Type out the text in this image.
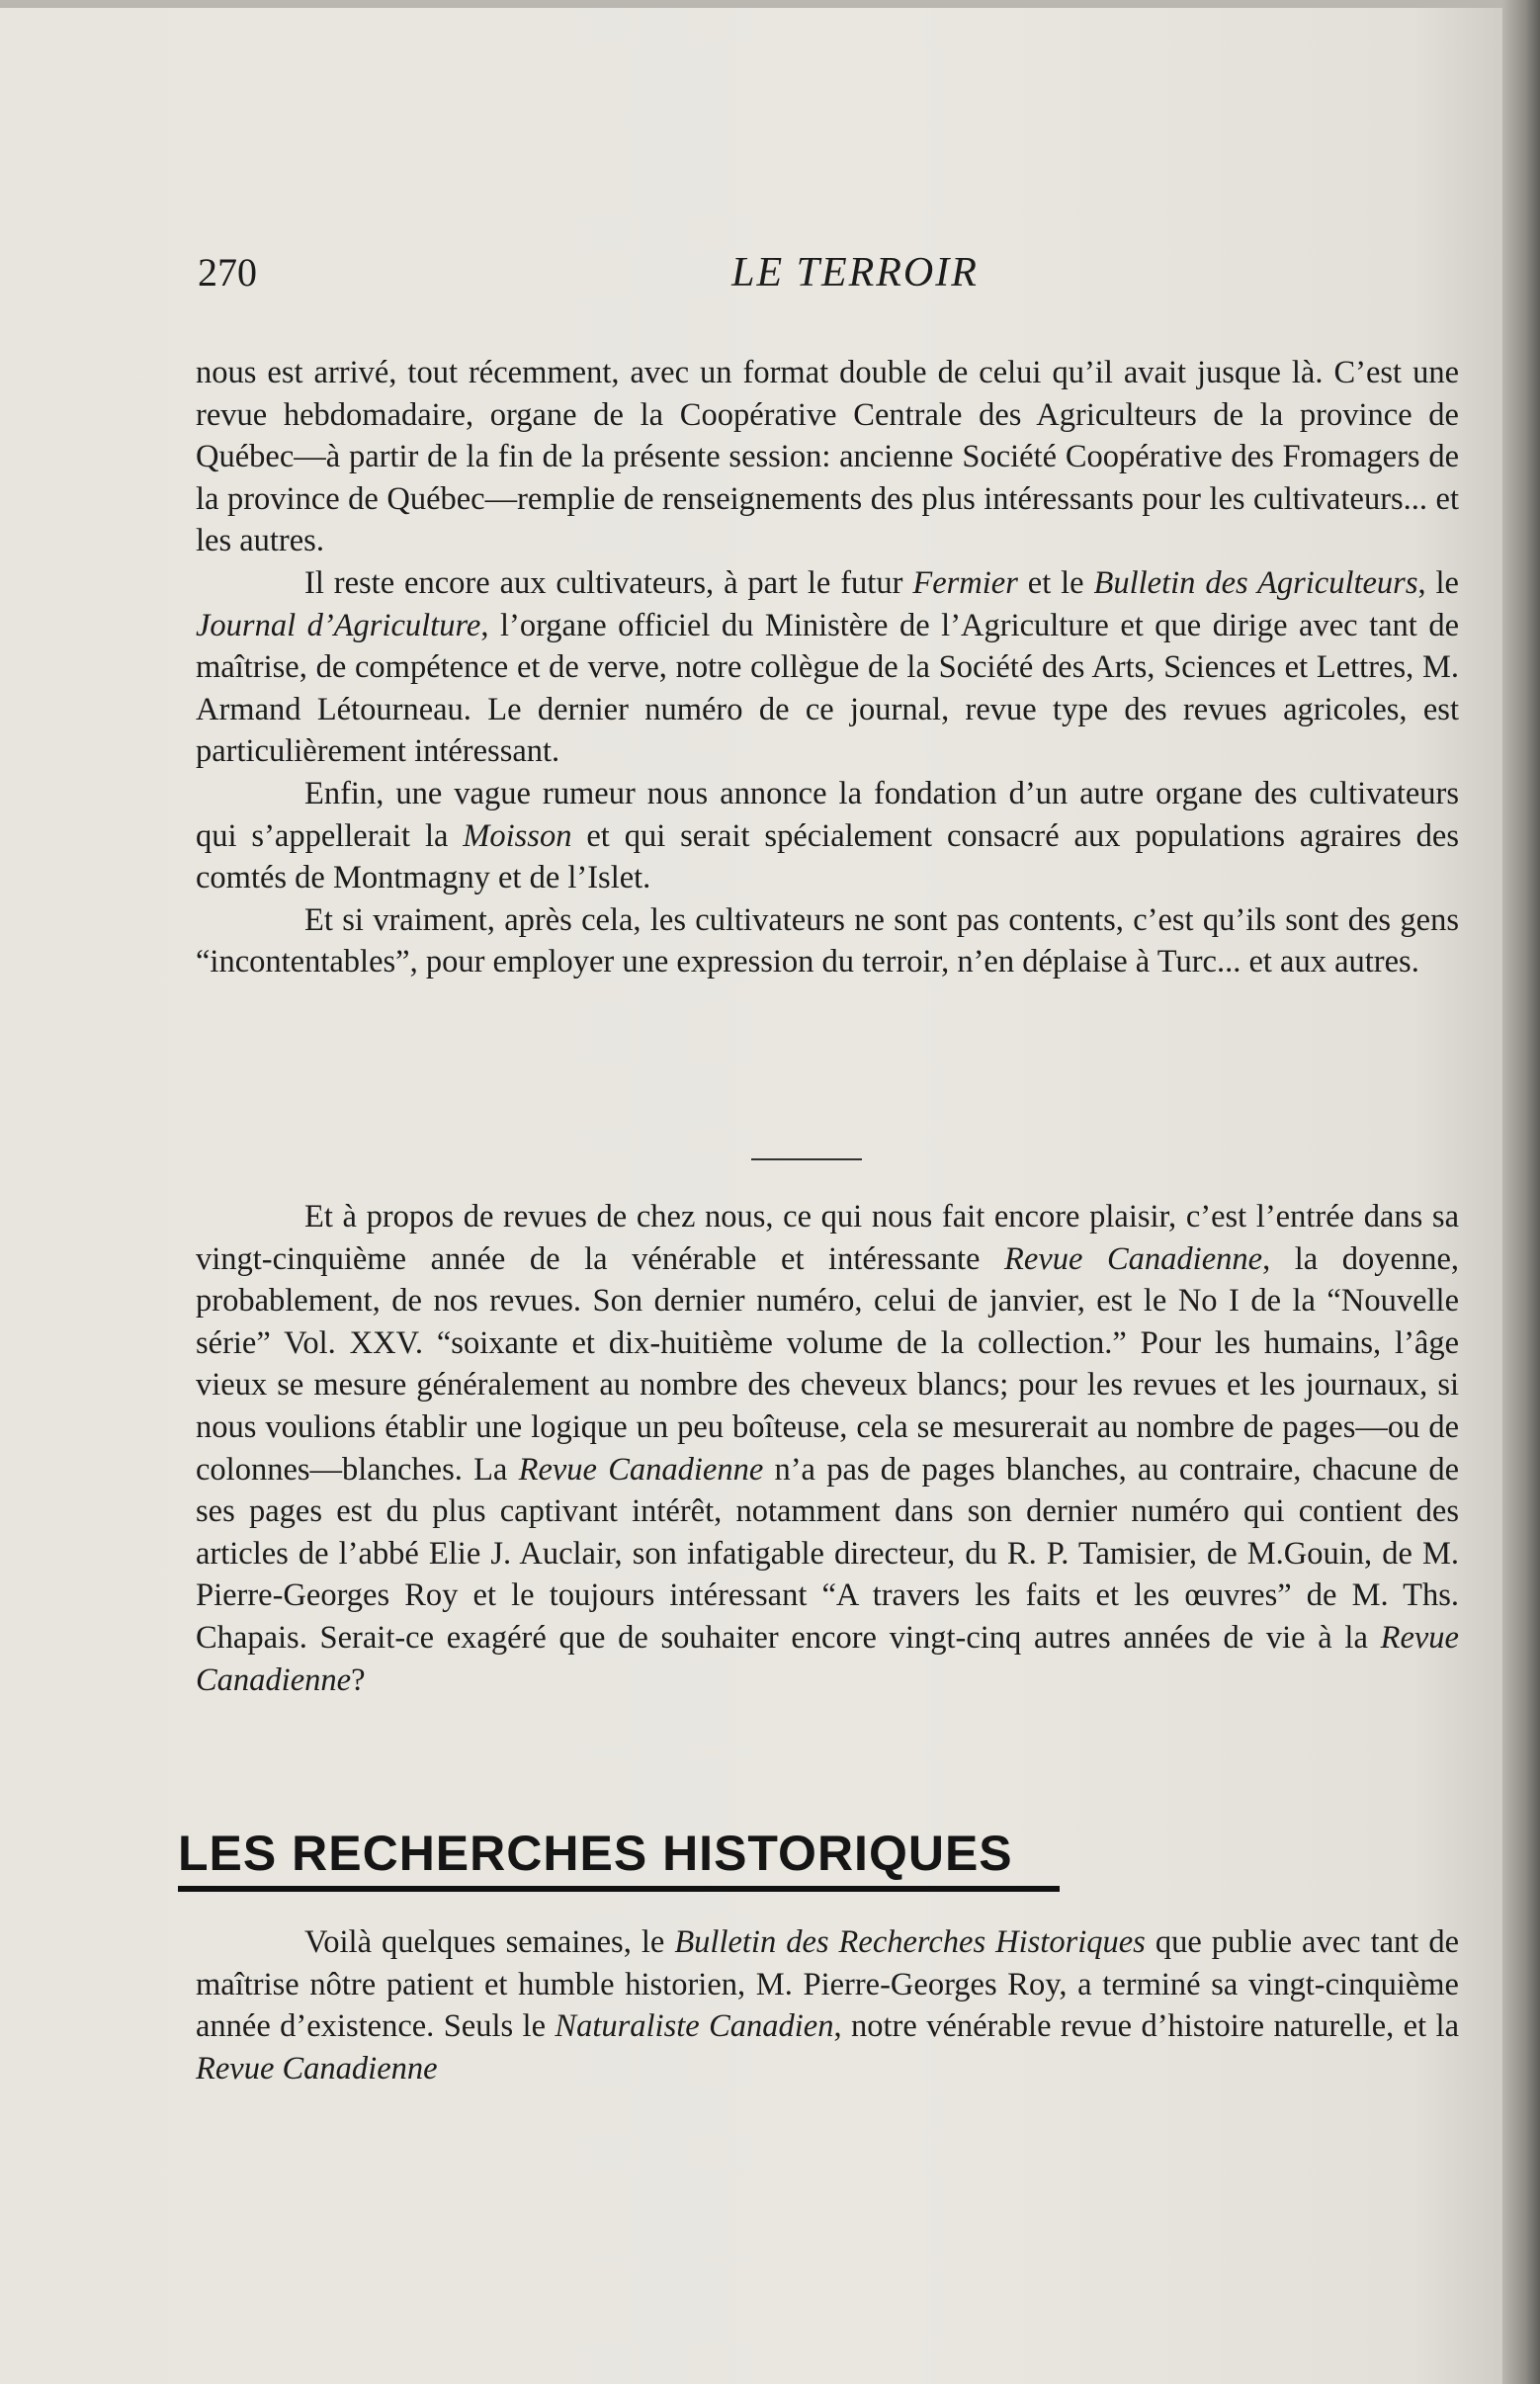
270	LE TERROIR

nous est arrivé, tout récemment, avec un format double de celui qu’il avait jusque là. C’est une revue hebdomadaire, organe de la Coopérative Centrale des Agriculteurs de la province de Québec—à partir de la fin de la présente session: ancienne Société Coopérative des Fromagers de la province de Québec—remplie de renseignements des plus intéressants pour les cultivateurs... et les autres.

Il reste encore aux cultivateurs, à part le futur Fermier et le Bulletin des Agriculteurs, le Journal d’Agriculture, l’organe officiel du Ministère de l’Agriculture et que dirige avec tant de maîtrise, de compétence et de verve, notre collègue de la Société des Arts, Sciences et Lettres, M. Armand Létourneau. Le dernier numéro de ce journal, revue type des revues agricoles, est particulièrement intéressant.

Enfin, une vague rumeur nous annonce la fondation d’un autre organe des cultivateurs qui s’appellerait la Moisson et qui serait spécialement consacré aux populations agraires des comtés de Montmagny et de l’Islet.

Et si vraiment, après cela, les cultivateurs ne sont pas contents, c’est qu’ils sont des gens “incontentables”, pour employer une expression du terroir, n’en déplaise à Turc... et aux autres.

Et à propos de revues de chez nous, ce qui nous fait encore plaisir, c’est l’entrée dans sa vingt-cinquième année de la vénérable et intéressante Revue Canadienne, la doyenne, probablement, de nos revues. Son dernier numéro, celui de janvier, est le No I de la “Nouvelle série” Vol. XXV. “soixante et dix-huitième volume de la collection.” Pour les humains, l’âge vieux se mesure généralement au nombre des cheveux blancs; pour les revues et les journaux, si nous voulions établir une logique un peu boîteuse, cela se mesurerait au nombre de pages—ou de colonnes—blanches. La Revue Canadienne n’a pas de pages blanches, au contraire, chacune de ses pages est du plus captivant intérêt, notamment dans son dernier numéro qui contient des articles de l’abbé Elie J. Auclair, son infatigable directeur, du R. P. Tamisier, de M.Gouin, de M. Pierre-Georges Roy et le toujours intéressant “A travers les faits et les œuvres” de M. Ths. Chapais. Serait-ce exagéré que de souhaiter encore vingt-cinq autres années de vie à la Revue Canadienne?

LES RECHERCHES HISTORIQUES

Voilà quelques semaines, le Bulletin des Recherches Historiques que publie avec tant de maîtrise nôtre patient et humble historien, M. Pierre-Georges Roy, a terminé sa vingt-cinquième année d’existence. Seuls le Naturaliste Canadien, notre vénérable revue d’histoire naturelle, et la Revue Canadienne
